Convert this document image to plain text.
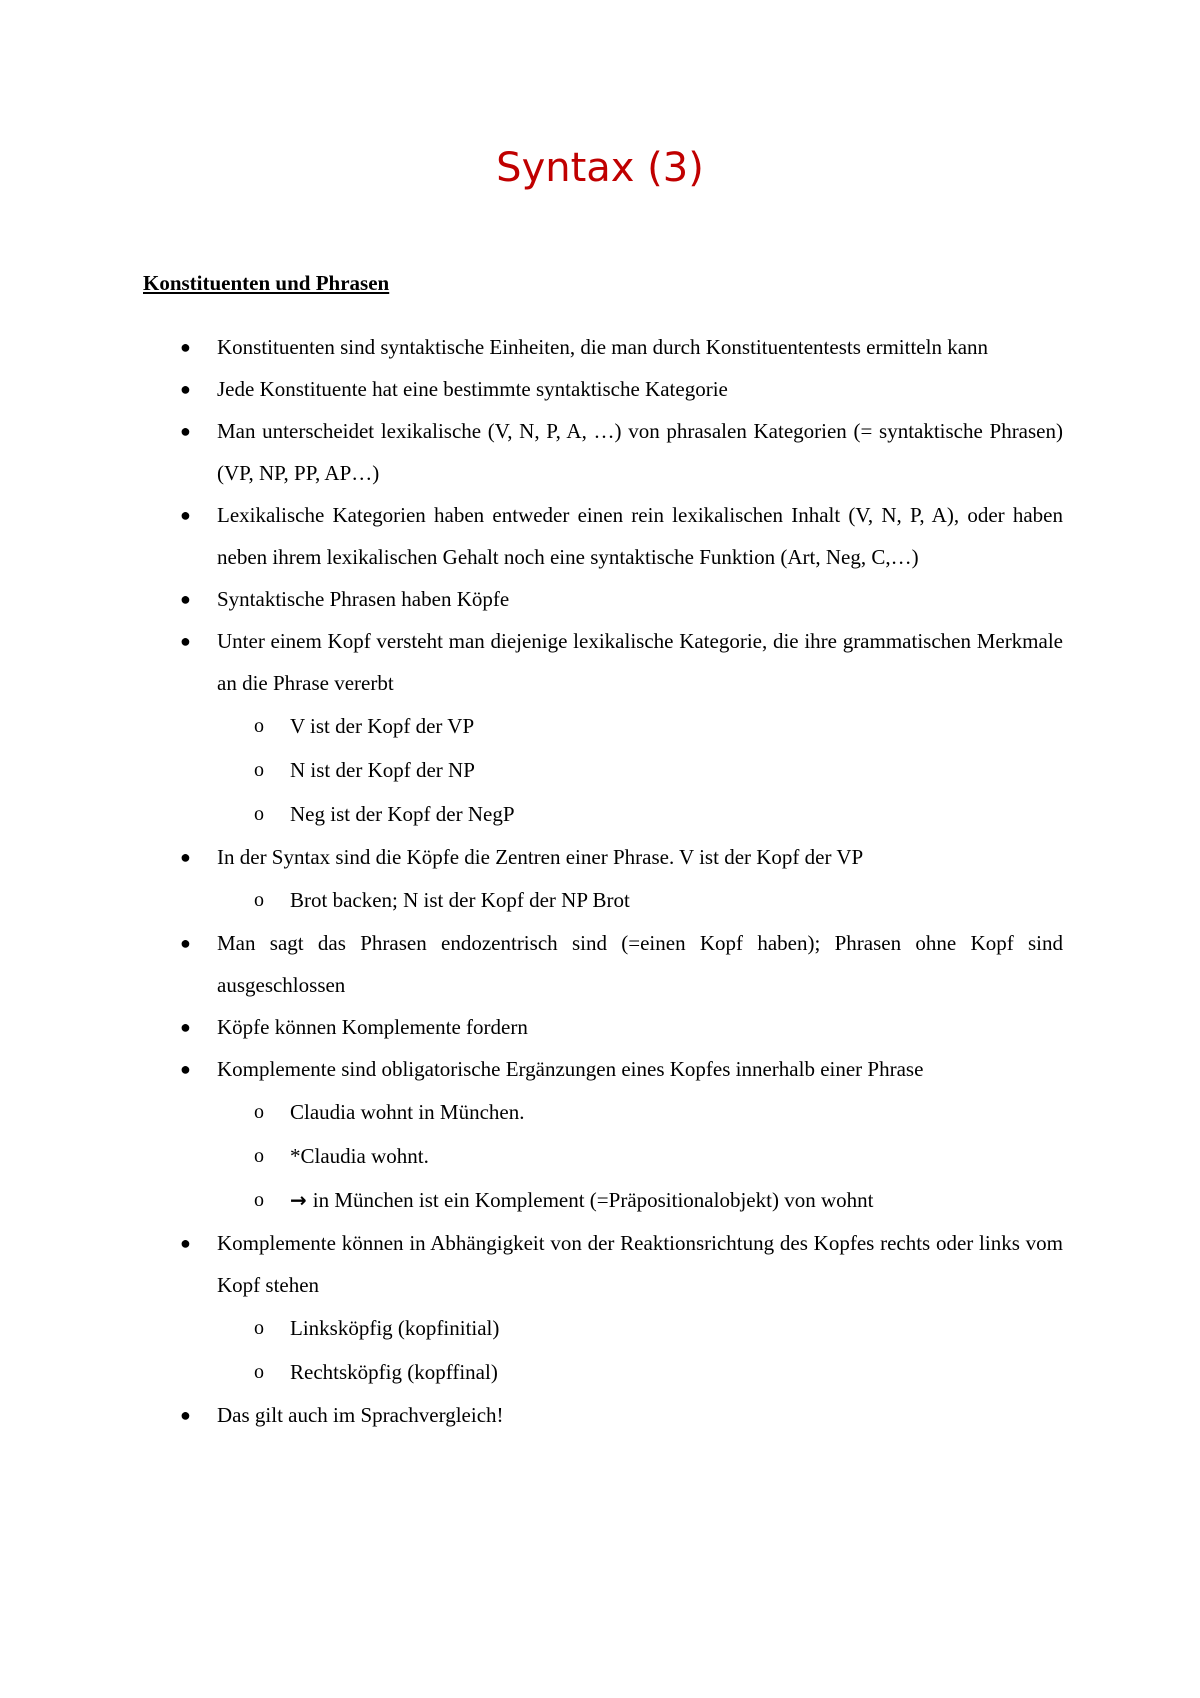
Syntax (3)
Konstituenten und Phrasen
●	Konstituenten sind syntaktische Einheiten, die man durch Konstituententests ermitteln kann
●	Jede Konstituente hat eine bestimmte syntaktische Kategorie
●	Man unterscheidet lexikalische (V, N, P, A, …) von phrasalen Kategorien (= syntaktische Phrasen) (VP, NP, PP, AP…)
●	Lexikalische Kategorien haben entweder einen rein lexikalischen Inhalt (V, N, P, A), oder haben neben ihrem lexikalischen Gehalt noch eine syntaktische Funktion (Art, Neg, C,…)
●	Syntaktische Phrasen haben Köpfe
●	Unter einem Kopf versteht man diejenige lexikalische Kategorie, die ihre grammatischen Merkmale an die Phrase vererbt
o V ist der Kopf der VP
o N ist der Kopf der NP
o Neg ist der Kopf der NegP
●	In der Syntax sind die Köpfe die Zentren einer Phrase. V ist der Kopf der VP
o Brot backen; N ist der Kopf der NP Brot
●	Man sagt das Phrasen endozentrisch sind (=einen Kopf haben); Phrasen ohne Kopf sind ausgeschlossen
●	Köpfe können Komplemente fordern
●	Komplemente sind obligatorische Ergänzungen eines Kopfes innerhalb einer Phrase
o Claudia wohnt in München.
o *Claudia wohnt.
o → in München ist ein Komplement (=Präpositionalobjekt) von wohnt
●	Komplemente können in Abhängigkeit von der Reaktionsrichtung des Kopfes rechts oder links vom Kopf stehen
o Linksköpfig (kopfinitial)
o Rechtsköpfig (kopffinal)
●	Das gilt auch im Sprachvergleich!
